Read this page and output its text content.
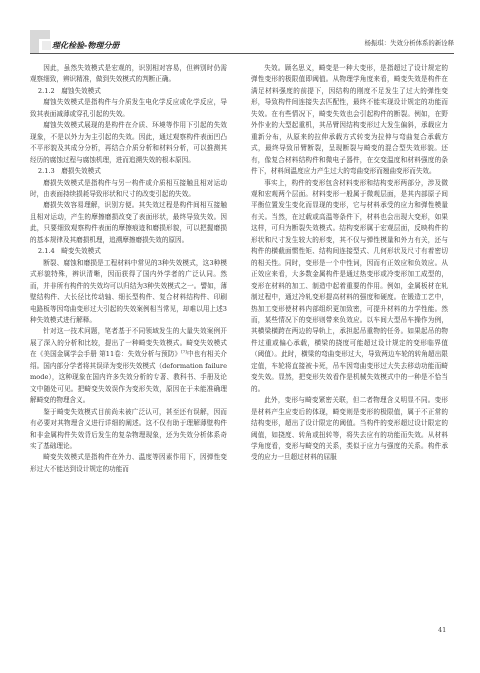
理化检验-物理分册	杨振琪：失效分析体系的新诠释

因此，虽然失效模式是宏观的，识别相对容易，但辨别时仍需观察细致，辨识精准，做到失效模式的判断正确。

2.1.2　腐蚀失效模式

腐蚀失效模式是指构件与介质发生电化学反应或化学反应，导致其表面减薄或穿孔引起的失效。

腐蚀失效模式展现的是构件在介质、环境等作用下引起的失效现象，不是以外力为主引起的失效。因此，通过观察构件表面凹凸不平形貌及其成分分析，再结合介质分析和材料分析，可以推测其经历的腐蚀过程与腐蚀机理，进而追溯失效的根本原因。

2.1.3　磨损失效模式

磨损失效模式是指构件与另一构件或介质相互接触且相对运动时，由表面持续损耗导致形状和尺寸的改变引起的失效。

磨损失效容易理解，识别方便。其失效过程是构件间相互接触且相对运动，产生的摩擦磨损改变了表面形状，最终导致失效。因此，只要细致观察构件表面的摩擦痕迹和磨损形貌，可以把握磨损的基本规律及其磨损机理，追溯摩擦磨损失效的原因。

2.1.4　畸变失效模式

断裂、腐蚀和磨损是工程材料中常见的3种失效模式，这3种模式形貌特殊，辨识清晰，因而获得了国内外学者的广泛认同。然而，并非所有构件的失效均可以归结为3种失效模式之一。譬如，薄壁结构件、大长径比传动轴、细长型构件、复合材料结构件、印刷电路板等因弯曲变形过大引起的失效案例相当常见，却难以用上述3种失效模式进行解释。

针对这一技术问题，笔者基于不同领域发生的大量失效案例开展了深入的分析和比较，提出了一种畸变失效模式。畸变失效模式在《美国金属学会手册 第11卷：失效分析与预防》[7]中也有相关介绍。国内部分学者将其误译为变形失效模式（deformation failure mode），这种现象在国内许多失效分析的专著、教科书、手册及论文中随处可见。把畸变失效误作为变形失效，原因在于未能准确理解畸变的物理含义。

鉴于畸变失效模式目前尚未被广泛认可，甚至还有误解，因而有必要对其物理含义进行详细的阐述。这不仅有助于理解薄壁构件和非金属构件失效背后发生的复杂物理现象，还为失效分析体系奇实了基础理论。

畸变失效模式是指构件在外力、温度等因素作用下，因弹性变形过大不能达到设计规定的功能而

失效。顾名思义，畸变是一种大变形，是指超过了设计规定的弹性变形的极限值即阈值。从物理学角度来看，畸变失效是构件在满足材料强度的前提下，因结构的刚度不足发生了过大的弹性变形，导致构件间连接失去匹配性，最终不能实现设计规定的功能而失效。在有些情况下，畸变失效也会引起构件的断裂。例如，在野外作业的大型起重机，其吊臂因结构变形过大发生偏斜，承载应力重新分布，从原来的拉伸承载方式转变为拉伸与弯曲复合承载方式，最终导致吊臂断裂，呈现断裂与畸变的混合型失效形貌。还有，像复合材料结构件和微电子器件，在交变温度和材料强度的条件下，材料间温度应力产生过大的弯曲变形而翘曲变形而失效。

事实上，构件的变形包含材料变形和结构变形两部分，涉及微观和宏观两个层面。材料变形一般属于微观层面，是其内部原子间平衡位置发生变化而显现的变形，它与材料承受的应力和弹性模量有关。当然，在过载或高温等条件下，材料也会出现大变形，如果这样，可归为断裂失效模式。结构变形属于宏观层面，反映构件的形状和尺寸发生较大的形变，其不仅与弹性模量和外力有关，还与构件的横截面惯性矩、结构间连接型式、几何形状及尺寸有着密切的相关性。同时，变形是一个中性词，因而有正效应和负效应。从正效应来看，大多数金属构件是通过热变形或冷变形加工成型的，变形在材料的加工、制造中起着重要的作用。例如，金属板材在轧制过程中，通过冷轧变形提高材料的强度和硬度。在锻造工艺中，热加工变形使材料内部组织更加致密，可提升材料的力学性能。然而，某些情况下的变形则带来负效应。以车间大型吊车操作为例，其横梁横跨在两边的导轨上，承担起吊重物的任务。如果起吊的物件过重或偏心承载，横梁的挠度可能超过设计规定的变形临界值（阈值）。此时，横梁的弯曲变形过大，导致两边车轮的转角超出限定值，车轮将直接被卡死，吊车因弯曲变形过大失去移动功能而畸变失效。显然，把变形失效看作是机械失效模式中的一种是不恰当的。

此外，变形与畸变紧密关联，但二者物理含义明显不同。变形是材料产生应变后的体现，畸变则是变形的极限值，属于不正常的结构变形，超出了设计限定的阈值。当构件的变形超过设计限定的阈值，如挠度、转角或扭转等，将失去应有的功能而失效。从材料学角度看，变形与畸变的关系，类似于应力与强度的关系。构件承受的应力一旦超过材料的屈服

41
